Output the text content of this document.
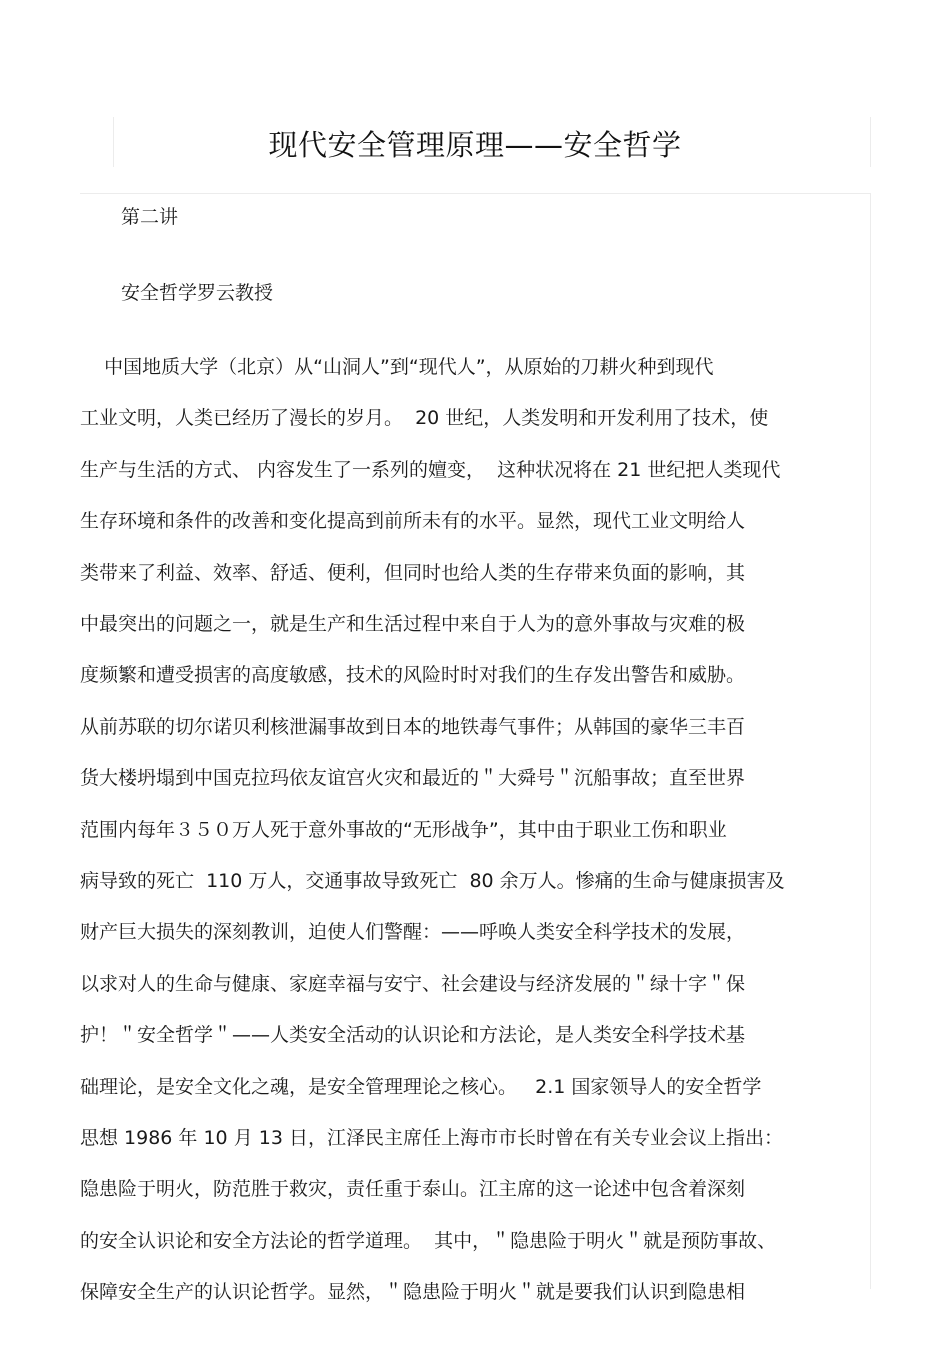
现代安全管理原理——安全哲学
第二讲
安全哲学罗云教授
中国地质大学（北京）从“山洞人”到“现代人”，从原始的刀耕火种到现代
工业文明，人类已经历了漫长的岁月。  20 世纪，人类发明和开发利用了技术，使
生产与生活的方式、 内容发生了一系列的嬗变，  这种状况将在 21 世纪把人类现代
生存环境和条件的改善和变化提高到前所未有的水平。显然，现代工业文明给人
类带来了利益、效率、舒适、便利，但同时也给人类的生存带来负面的影响，其
中最突出的问题之一，就是生产和生活过程中来自于人为的意外事故与灾难的极
度频繁和遭受损害的高度敏感，技术的风险时时对我们的生存发出警告和威胁。
从前苏联的切尔诺贝利核泄漏事故到日本的地铁毒气事件；从韩国的豪华三丰百
货大楼坍塌到中国克拉玛依友谊宫火灾和最近的＂大舜号＂沉船事故；直至世界
范围内每年３５０万人死于意外事故的“无形战争”，其中由于职业工伤和职业
病导致的死亡  110 万人，交通事故导致死亡  80 余万人。惨痛的生命与健康损害及
财产巨大损失的深刻教训，迫使人们警醒：——呼唤人类安全科学技术的发展，
以求对人的生命与健康、家庭幸福与安宁、社会建设与经济发展的＂绿十字＂保
护！＂安全哲学＂——人类安全活动的认识论和方法论，是人类安全科学技术基
础理论，是安全文化之魂，是安全管理理论之核心。   2.1 国家领导人的安全哲学
思想 1986 年 10 月 13 日，江泽民主席任上海市市长时曾在有关专业会议上指出：
隐患险于明火，防范胜于救灾，责任重于泰山。江主席的这一论述中包含着深刻
的安全认识论和安全方法论的哲学道理。  其中，＂隐患险于明火＂就是预防事故、
保障安全生产的认识论哲学。显然，＂隐患险于明火＂就是要我们认识到隐患相
